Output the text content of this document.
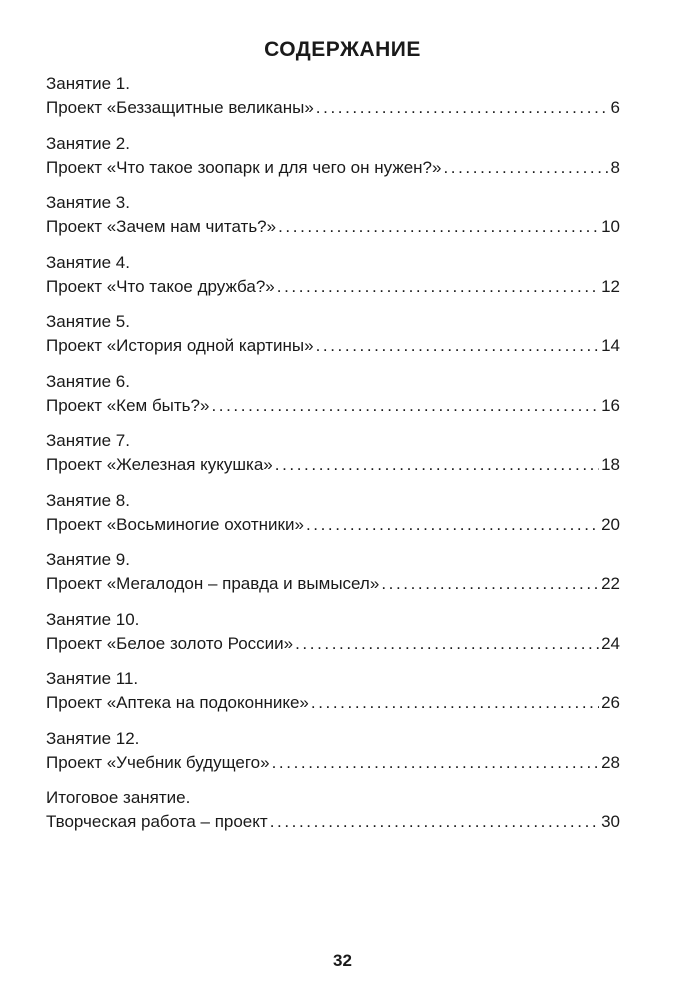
СОДЕРЖАНИЕ
Занятие 1.
Проект «Беззащитные великаны» .....	6
Занятие 2.
Проект «Что такое зоопарк и для чего он нужен?» .....	8
Занятие 3.
Проект «Зачем нам читать?» .....	10
Занятие 4.
Проект «Что такое дружба?» .....	12
Занятие 5.
Проект «История одной картины» .....	14
Занятие 6.
Проект «Кем быть?» .....	16
Занятие 7.
Проект «Железная кукушка» .....	18
Занятие 8.
Проект «Восьминогие охотники» .....	20
Занятие 9.
Проект «Мегалодон – правда и вымысел» .....	22
Занятие 10.
Проект «Белое золото России» .....	24
Занятие 11.
Проект «Аптека на подоконнике» .....	26
Занятие 12.
Проект «Учебник будущего» .....	28
Итоговое занятие.
Творческая работа – проект .....	30
32
